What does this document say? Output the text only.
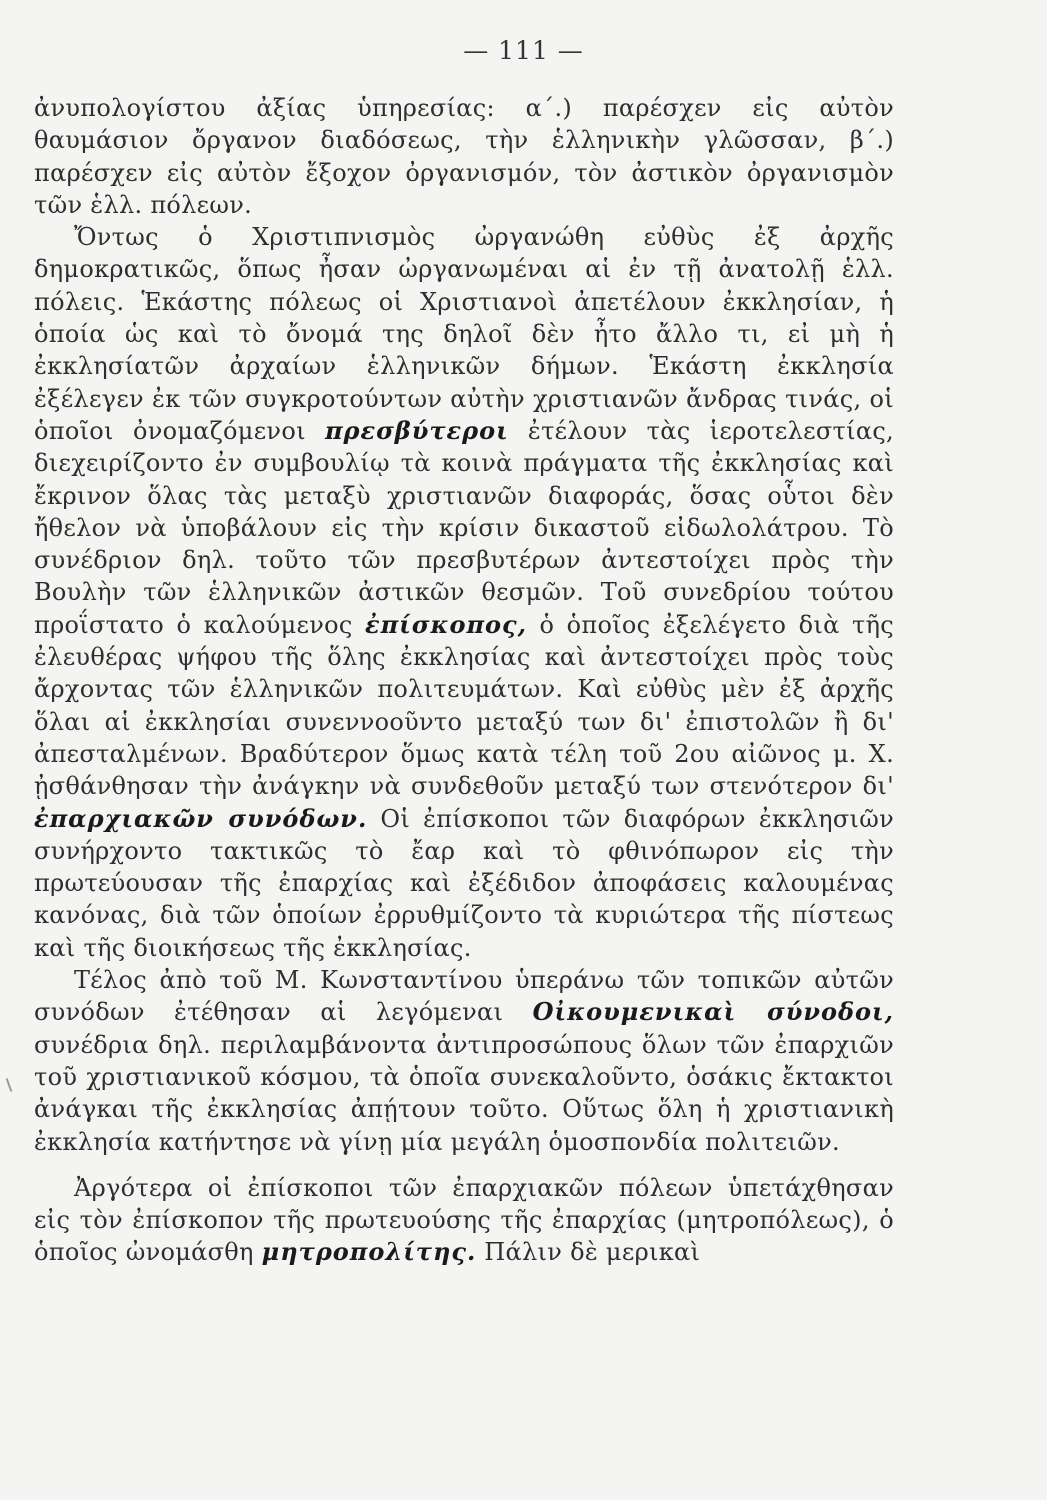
— 111 —

ἀνυπολογίστου ἀξίας ὑπηρεσίας: α΄.) παρέσχεν εἰς αὐτὸν θαυμάσιον ὄργανον διαδόσεως, τὴν ἑλληνικὴν γλῶσσαν, β΄.) παρέσχεν εἰς αὐτὸν ἔξοχον ὀργανισμόν, τὸν ἀστικὸν ὀργανισμὸν τῶν ἑλλ. πόλεων.

Ὄντως ὁ Χριστιπνισμὸς ὠργανώθη εὐθὺς ἐξ ἀρχῆς δημοκρατικῶς, ὅπως ἦσαν ὠργανωμέναι αἱ ἐν τῇ ἀνατολῇ ἑλλ. πόλεις. Ἑκάστης πόλεως οἱ Χριστιανοὶ ἀπετέλουν ἐκκλησίαν, ἡ ὁποία ὡς καὶ τὸ ὄνομά της δηλοῖ δὲν ἦτο ἄλλο τι, εἰ μὴ ἡ ἐκκλησίατῶν ἀρχαίων ἑλληνικῶν δήμων. Ἑκάστη ἐκκλησία ἐξέλεγεν ἐκ τῶν συγκροτούντων αὐτὴν χριστιανῶν ἄνδρας τινάς, οἱ ὁποῖοι ὀνομαζόμενοι πρεσβύτεροι ἐτέλουν τὰς ἱεροτελεστίας, διεχειρίζοντο ἐν συμβουλίῳ τὰ κοινὰ πράγματα τῆς ἐκκλησίας καὶ ἔκρινον ὅλας τὰς μεταξὺ χριστιανῶν διαφοράς, ὅσας οὗτοι δὲν ἤθελον νὰ ὑποβάλουν εἰς τὴν κρίσιν δικαστοῦ εἰδωλολάτρου. Τὸ συνέδριον δηλ. τοῦτο τῶν πρεσβυτέρων ἀντεστοίχει πρὸς τὴν Βουλὴν τῶν ἑλληνικῶν ἀστικῶν θεσμῶν. Τοῦ συνεδρίου τούτου προΐστατο ὁ καλούμενος ἐπίσκοπος, ὁ ὁποῖος ἐξελέγετο διὰ τῆς ἐλευθέρας ψήφου τῆς ὅλης ἐκκλησίας καὶ ἀντεστοίχει πρὸς τοὺς ἄρχοντας τῶν ἑλληνικῶν πολιτευμάτων. Καὶ εὐθὺς μὲν ἐξ ἀρχῆς ὅλαι αἱ ἐκκλησίαι συνεννοοῦντο μεταξύ των δι' ἐπιστολῶν ἢ δι' ἀπεσταλμένων. Βραδύτερον ὅμως κατὰ τέλη τοῦ 2ου αἰῶνος μ. Χ. ᾐσθάνθησαν τὴν ἀνάγκην νὰ συνδεθοῦν μεταξύ των στενότερον δι' ἐπαρχιακῶν συνόδων. Οἱ ἐπίσκοποι τῶν διαφόρων ἐκκλησιῶν συνήρχοντο τακτικῶς τὸ ἔαρ καὶ τὸ φθινόπωρον εἰς τὴν πρωτεύουσαν τῆς ἐπαρχίας καὶ ἐξέδιδον ἀποφάσεις καλουμένας κανόνας, διὰ τῶν ὁποίων ἐρρυθμίζοντο τὰ κυριώτερα τῆς πίστεως καὶ τῆς διοικήσεως τῆς ἐκκλησίας.

Τέλος ἀπὸ τοῦ Μ. Κωνσταντίνου ὑπεράνω τῶν τοπικῶν αὐτῶν συνόδων ἐτέθησαν αἱ λεγόμεναι Οἰκουμενικαὶ σύνοδοι, συνέδρια δηλ. περιλαμβάνοντα ἀντιπροσώπους ὅλων τῶν ἐπαρχιῶν τοῦ χριστιανικοῦ κόσμου, τὰ ὁποῖα συνεκαλοῦντο, ὁσάκις ἔκτακτοι ἀνάγκαι τῆς ἐκκλησίας ἀπῄτουν τοῦτο. Οὕτως ὅλη ἡ χριστιανικὴ ἐκκλησία κατήντησε νὰ γίνῃ μία μεγάλη ὁμοσπονδία πολιτειῶν.

Ἀργότερα οἱ ἐπίσκοποι τῶν ἐπαρχιακῶν πόλεων ὑπετάχθησαν εἰς τὸν ἐπίσκοπον τῆς πρωτευούσης τῆς ἐπαρχίας (μητροπόλεως), ὁ ὁποῖος ὠνομάσθη μητροπολίτης. Πάλιν δὲ μερικαὶ
